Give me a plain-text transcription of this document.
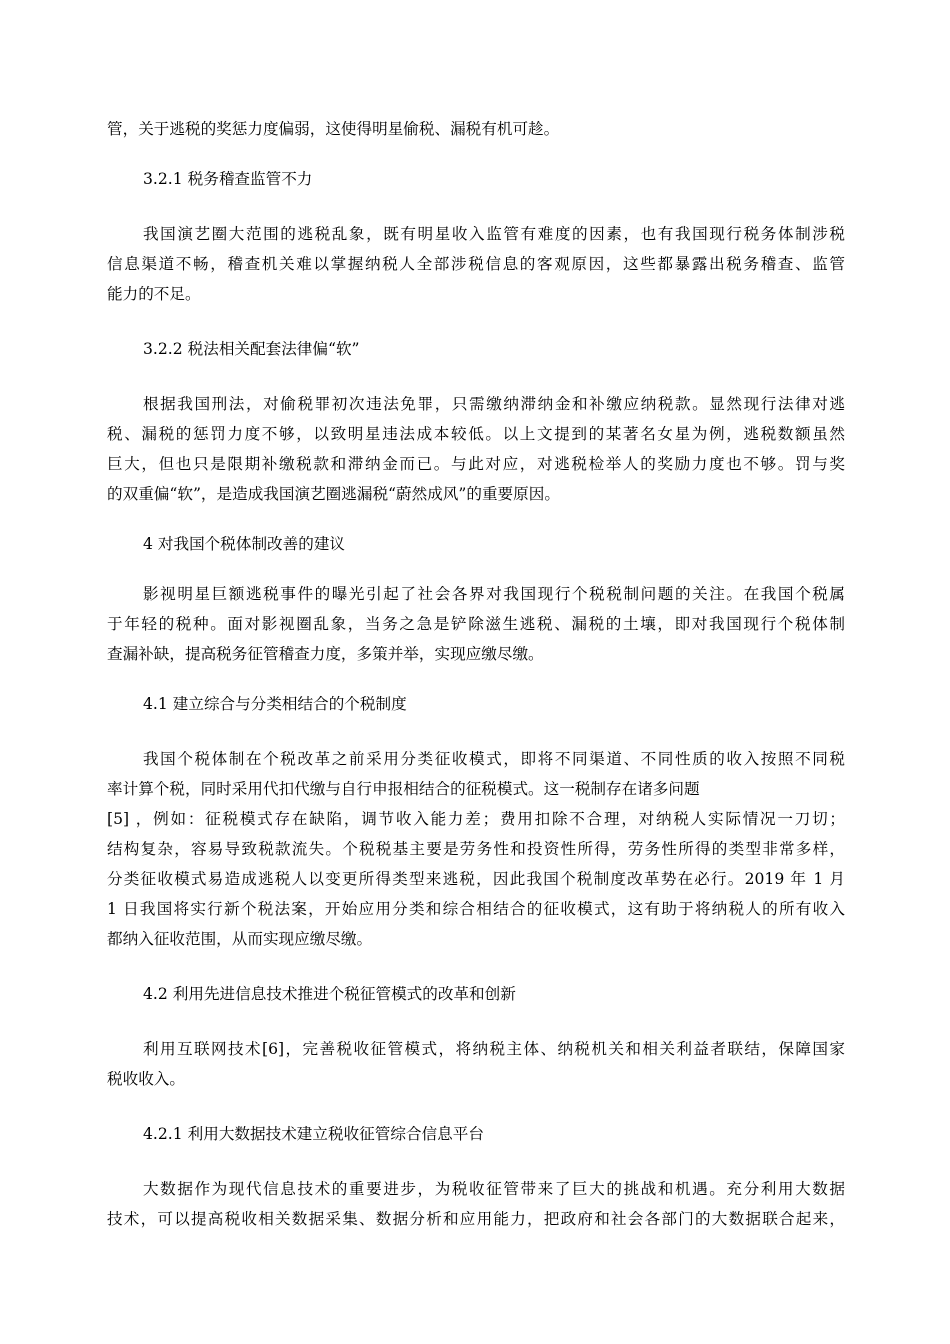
管，关于逃税的奖惩力度偏弱，这使得明星偷税、漏税有机可趁。
3.2.1 税务稽查监管不力
我国演艺圈大范围的逃税乱象，既有明星收入监管有难度的因素，也有我国现行税务体制涉税
信息渠道不畅，稽查机关难以掌握纳税人全部涉税信息的客观原因，这些都暴露出税务稽查、监管
能力的不足。
3.2.2 税法相关配套法律偏“软”
根据我国刑法，对偷税罪初次违法免罪，只需缴纳滞纳金和补缴应纳税款。显然现行法律对逃
税、漏税的惩罚力度不够，以致明星违法成本较低。以上文提到的某著名女星为例，逃税数额虽然
巨大，但也只是限期补缴税款和滞纳金而已。与此对应，对逃税检举人的奖励力度也不够。罚与奖
的双重偏“软”，是造成我国演艺圈逃漏税“蔚然成风”的重要原因。
4 对我国个税体制改善的建议
影视明星巨额逃税事件的曝光引起了社会各界对我国现行个税税制问题的关注。在我国个税属
于年轻的税种。面对影视圈乱象，当务之急是铲除滋生逃税、漏税的土壤，即对我国现行个税体制
查漏补缺，提高税务征管稽查力度，多策并举，实现应缴尽缴。
4.1 建立综合与分类相结合的个税制度
我国个税体制在个税改革之前采用分类征收模式，即将不同渠道、不同性质的收入按照不同税
率计算个税，同时采用代扣代缴与自行申报相结合的征税模式。这一税制存在诸多问题
[5] ，例如：征税模式存在缺陷，调节收入能力差；费用扣除不合理，对纳税人实际情况一刀切；
结构复杂，容易导致税款流失。个税税基主要是劳务性和投资性所得，劳务性所得的类型非常多样，
分类征收模式易造成逃税人以变更所得类型来逃税，因此我国个税制度改革势在必行。2019 年 1 月
1 日我国将实行新个税法案，开始应用分类和综合相结合的征收模式，这有助于将纳税人的所有收入
都纳入征收范围，从而实现应缴尽缴。
4.2 利用先进信息技术推进个税征管模式的改革和创新
利用互联网技术[6]，完善税收征管模式，将纳税主体、纳税机关和相关利益者联结，保障国家
税收收入。
4.2.1 利用大数据技术建立税收征管综合信息平台
大数据作为现代信息技术的重要进步，为税收征管带来了巨大的挑战和机遇。充分利用大数据
技术，可以提高税收相关数据采集、数据分析和应用能力，把政府和社会各部门的大数据联合起来，
